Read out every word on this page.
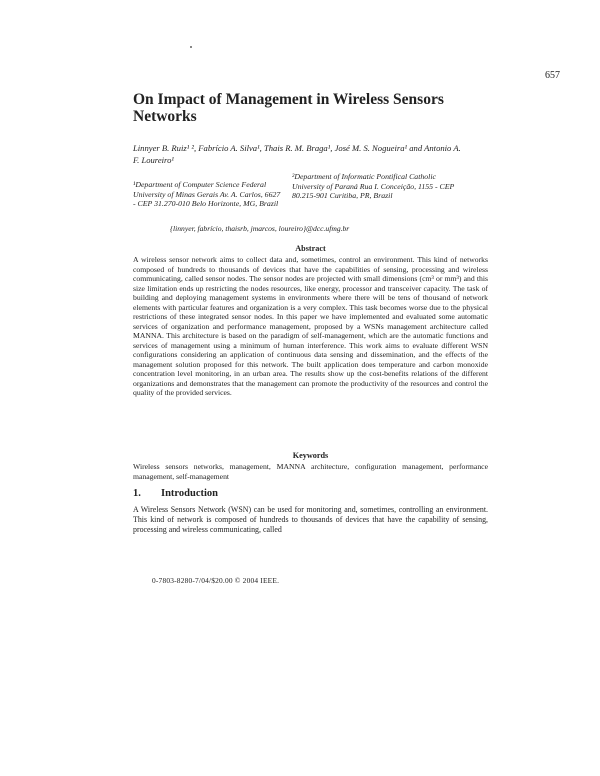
657
On Impact of Management in Wireless Sensors Networks
Linnyer B. Ruiz¹ ², Fabrício A. Silva¹, Thais R. M. Braga¹, José M. S. Nogueira¹ and Antonio A. F. Loureiro¹
¹Department of Computer Science Federal University of Minas Gerais Av. A. Carlos, 6627 - CEP 31.270-010 Belo Horizonte, MG, Brazil
²Department of Informatic Pontifical Catholic University of Paraná Rua I. Conceição, 1155 - CEP 80.215-901 Curitiba, PR, Brazil
{linnyer, fabrício, thaisrb, jmarcos, loureiro}@dcc.ufmg.br
Abstract
A wireless sensor network aims to collect data and, sometimes, control an environment. This kind of networks composed of hundreds to thousands of devices that have the capabilities of sensing, processing and wireless communicating, called sensor nodes. The sensor nodes are projected with small dimensions (cm³ or mm³) and this size limitation ends up restricting the nodes resources, like energy, processor and transceiver capacity. The task of building and deploying management systems in environments where there will be tens of thousand of network elements with particular features and organization is a very complex. This task becomes worse due to the physical restrictions of these integrated sensor nodes. In this paper we have implemented and evaluated some automatic services of organization and performance management, proposed by a WSNs management architecture called MANNA. This architecture is based on the paradigm of self-management, which are the automatic functions and services of management using a minimum of human interference. This work aims to evaluate different WSN configurations considering an application of continuous data sensing and dissemination, and the effects of the management solution proposed for this network. The built application does temperature and carbon monoxide concentration level monitoring, in an urban area. The results show up the cost-benefits relations of the different organizations and demonstrates that the management can promote the productivity of the resources and control the quality of the provided services.
Keywords
Wireless sensors networks, management, MANNA architecture, configuration management, performance management, self-management
1. Introduction
A Wireless Sensors Network (WSN) can be used for monitoring and, sometimes, controlling an environment. This kind of network is composed of hundreds to thousands of devices that have the capability of sensing, processing and wireless communicating, called
0-7803-8280-7/04/$20.00 © 2004 IEEE.
